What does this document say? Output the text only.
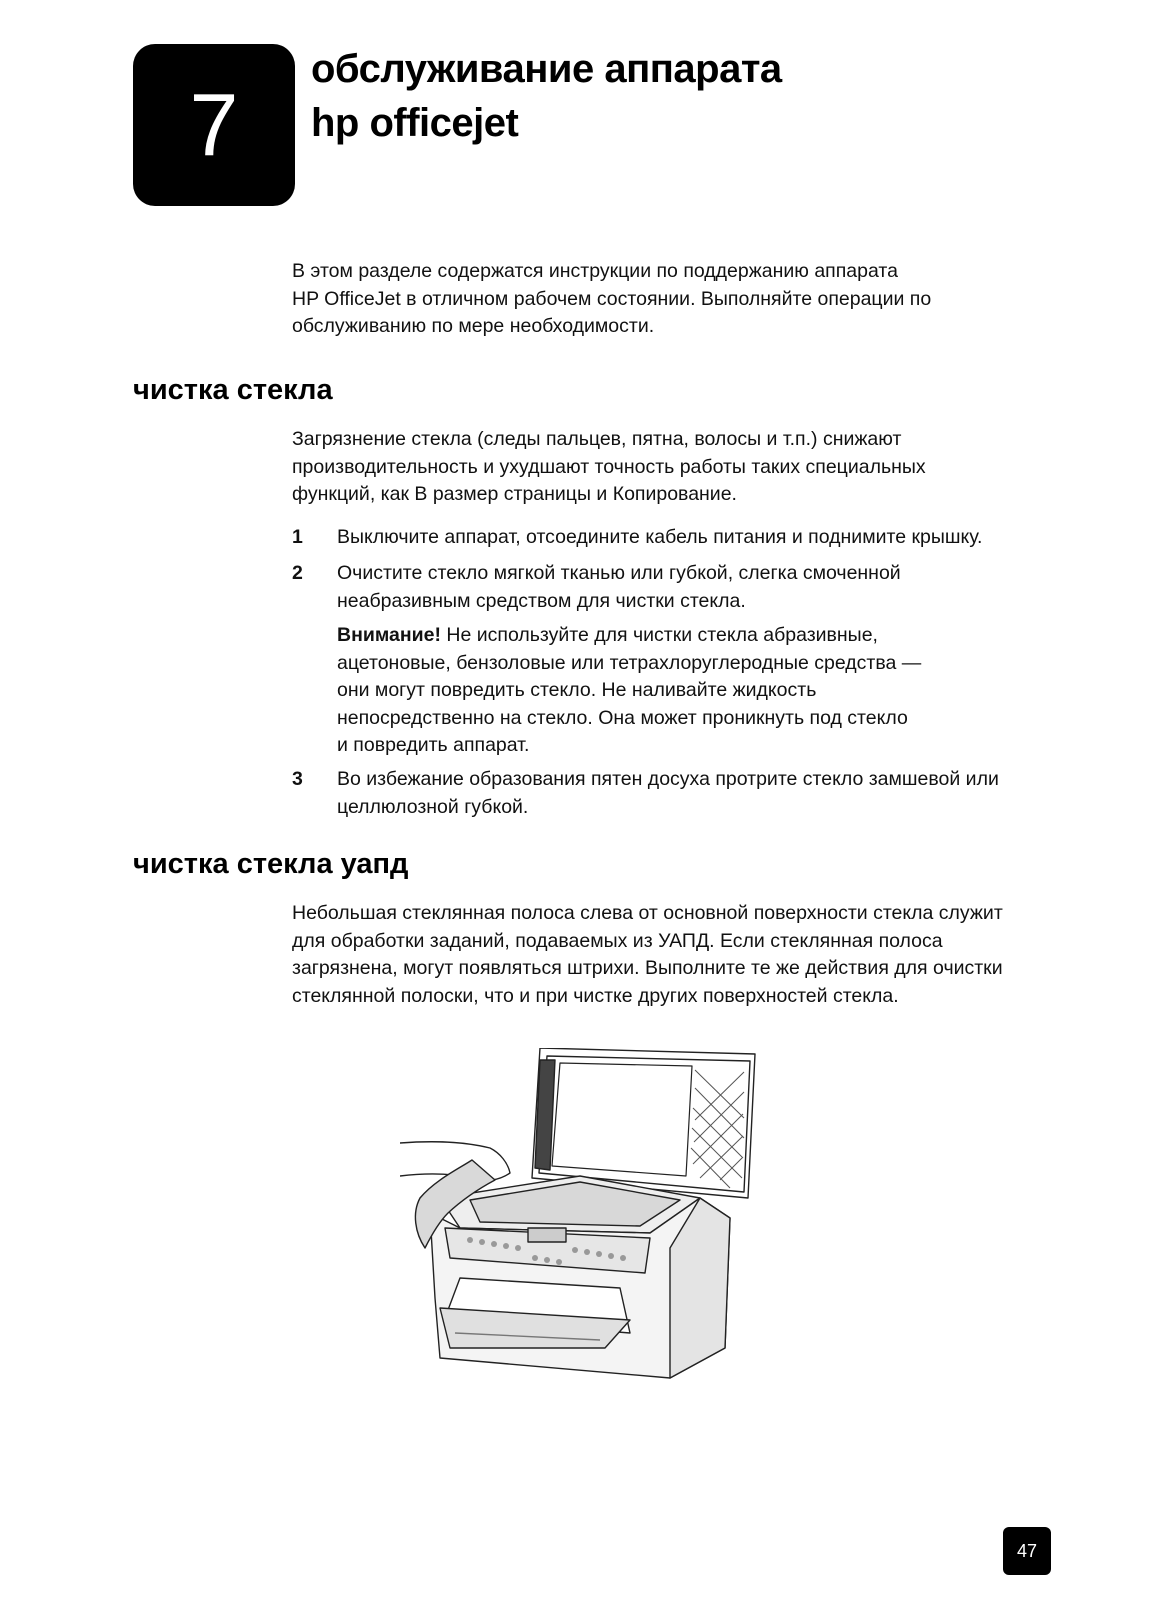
7
обслуживание аппарата
hp officejet
В этом разделе содержатся инструкции по поддержанию аппарата
HP OfficeJet в отличном рабочем состоянии. Выполняйте операции по
обслуживанию по мере необходимости.
чистка стекла
Загрязнение стекла (следы пальцев, пятна, волосы и т.п.) снижают
производительность и ухудшают точность работы таких специальных
функций, как В размер страницы и Копирование.
1 Выключите аппарат, отсоедините кабель питания и поднимите крышку.
2 Очистите стекло мягкой тканью или губкой, слегка смоченной
неабразивным средством для чистки стекла.
Внимание! Не используйте для чистки стекла абразивные,
ацетоновые, бензоловые или тетрахлоруглеродные средства —
они могут повредить стекло. Не наливайте жидкость
непосредственно на стекло. Она может проникнуть под стекло
и повредить аппарат.
3 Во избежание образования пятен досуха протрите стекло замшевой или
целлюлозной губкой.
чистка стекла уапд
Небольшая стеклянная полоса слева от основной поверхности стекла служит
для обработки заданий, подаваемых из УАПД. Если стеклянная полоса
загрязнена, могут появляться штрихи. Выполните те же действия для очистки
стеклянной полоски, что и при чистке других поверхностей стекла.
47
